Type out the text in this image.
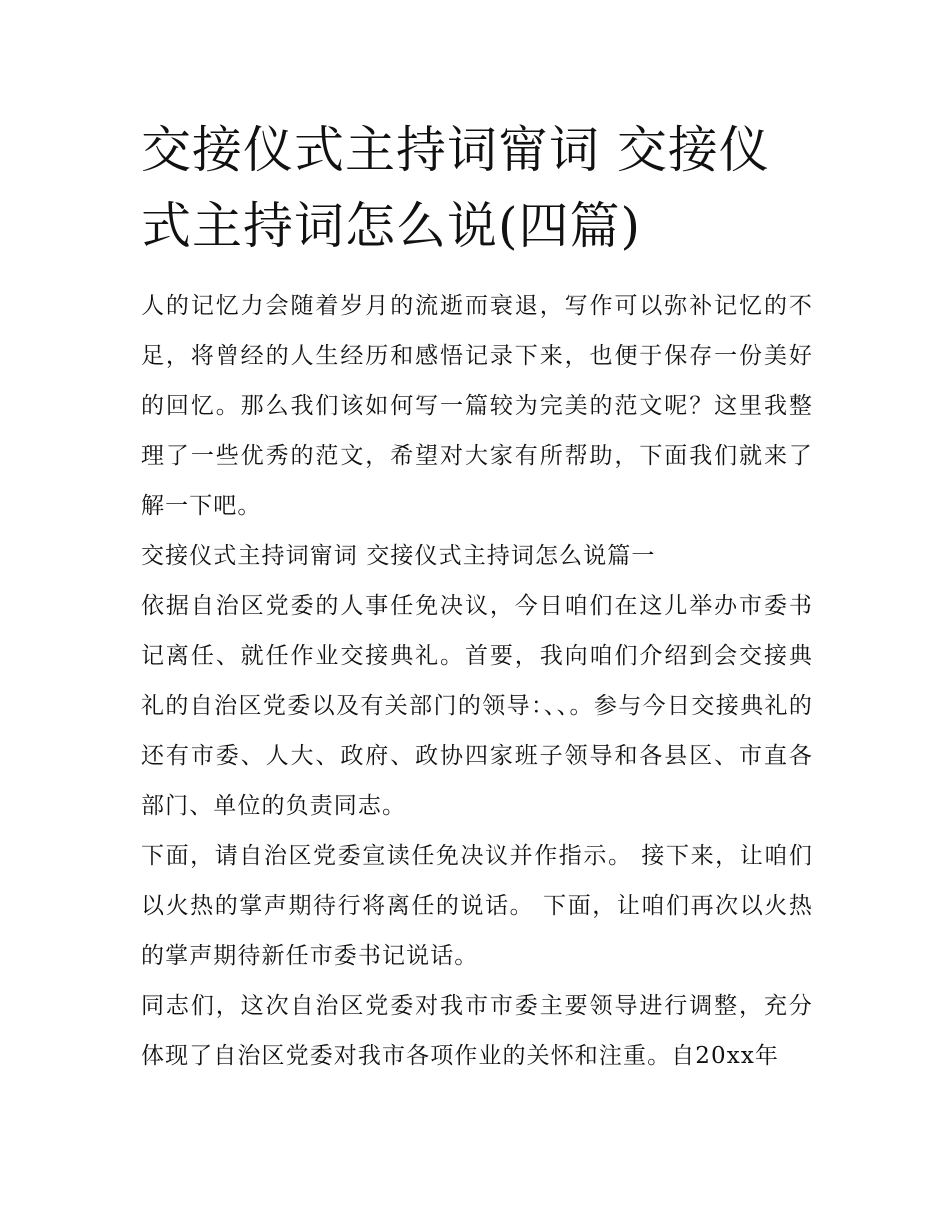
交接仪式主持词甯词 交接仪式主持词怎么说(四篇)

人的记忆力会随着岁月的流逝而衰退，写作可以弥补记忆的不足，将曾经的人生经历和感悟记录下来，也便于保存一份美好的回忆。那么我们该如何写一篇较为完美的范文呢？这里我整理了一些优秀的范文，希望对大家有所帮助，下面我们就来了解一下吧。

交接仪式主持词甯词 交接仪式主持词怎么说篇一

依据自治区党委的人事任免决议，今日咱们在这儿举办市委书记离任、就任作业交接典礼。首要，我向咱们介绍到会交接典礼的自治区党委以及有关部门的领导：、、。参与今日交接典礼的还有市委、人大、政府、政协四家班子领导和各县区、市直各部门、单位的负责同志。

下面，请自治区党委宣读任免决议并作指示。 接下来，让咱们以火热的掌声期待行将离任的说话。 下面，让咱们再次以火热的掌声期待新任市委书记说话。

同志们，这次自治区党委对我市市委主要领导进行调整，充分体现了自治区党委对我市各项作业的关怀和注重。自20xx年
